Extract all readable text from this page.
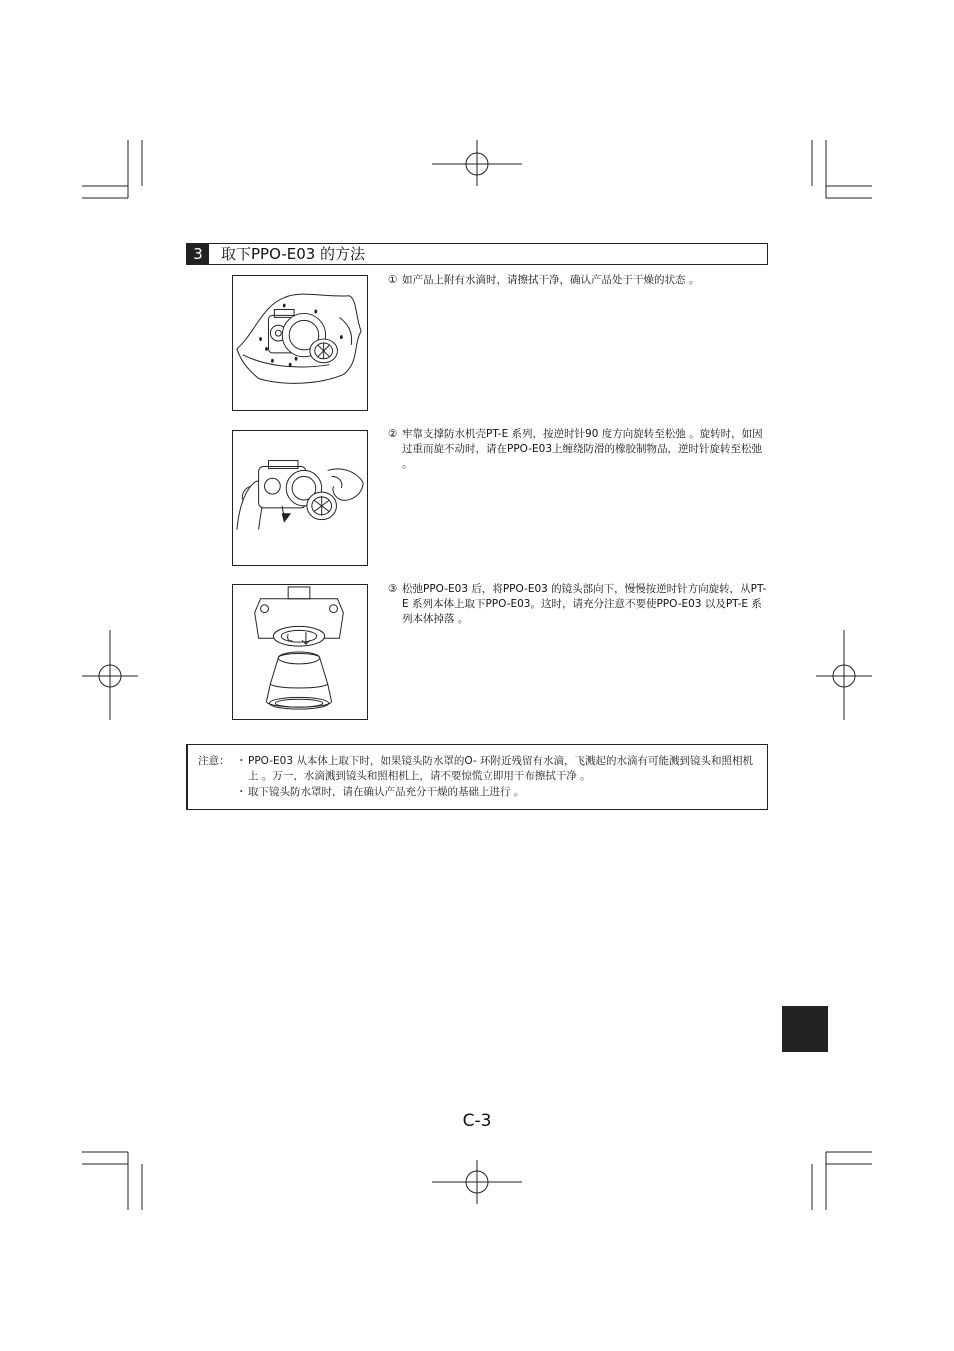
3	取下PPO-E03 的方法
① 如产品上附有水滴时，请擦拭干净，确认产品处于干燥的状态 。
② 牢靠支撑防水机壳PT-E 系列，按逆时针90 度方向旋转至松弛 。旋转时，如因过重而旋不动时，请在PPO-E03上缠绕防滑的橡胶制物品，逆时针旋转至松弛 。
③ 松弛PPO-E03 后，将PPO-E03 的镜头部向下，慢慢按逆时针方向旋转，从PT-E 系列本体上取下PPO-E03。这时，请充分注意不要使PPO-E03 以及PT-E 系列本体掉落 。
注意： ・ PPO-E03 从本体上取下时，如果镜头防水罩的O- 环附近残留有水滴，飞溅起的水滴有可能溅到镜头和照相机上 。万一，水滴溅到镜头和照相机上，请不要惊慌立即用干布擦拭干净 。
・ 取下镜头防水罩时，请在确认产品充分干燥的基础上进行 。
C-3
